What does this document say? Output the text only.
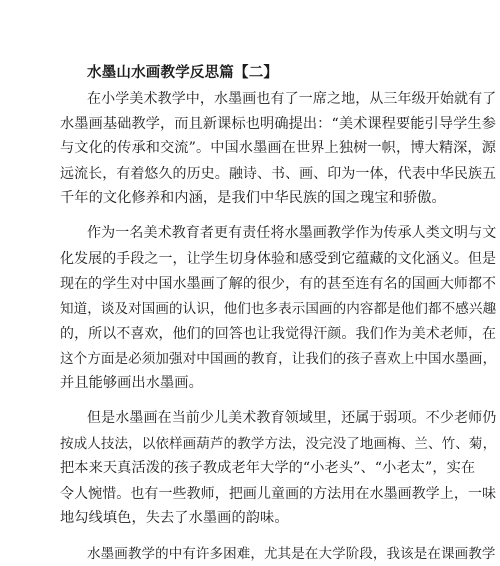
水墨山水画教学反思篇【二】
在小学美术教学中，水墨画也有了一席之地，从三年级开始就有了
水墨画基础教学，而且新课标也明确提出：“美术课程要能引导学生参
与文化的传承和交流”。中国水墨画在世界上独树一帜，博大精深，源
远流长，有着悠久的历史。融诗、书、画、印为一体，代表中华民族五
千年的文化修养和内涵，是我们中华民族的国之瑰宝和骄傲。
作为一名美术教育者更有责任将水墨画教学作为传承人类文明与文
化发展的手段之一，让学生切身体验和感受到它蕴藏的文化涵义。但是
现在的学生对中国水墨画了解的很少，有的甚至连有名的国画大师都不
知道，谈及对国画的认识，他们也多表示国画的内容都是他们都不感兴趣
的，所以不喜欢，他们的回答也让我觉得汗颜。我们作为美术老师，在
这个方面是必须加强对中国画的教育，让我们的孩子喜欢上中国水墨画，
并且能够画出水墨画。
但是水墨画在当前少儿美术教育领域里，还属于弱项。不少老师仍
按成人技法，以依样画葫芦的教学方法，没完没了地画梅、兰、竹、菊，
把本来天真活泼的孩子教成老年大学的“小老头”、“小老太”，实在
令人惋惜。也有一些教师，把画儿童画的方法用在水墨画教学上，一味
地勾线填色，失去了水墨画的韵味。
水墨画教学的中有许多困难，尤其是在大学阶段，我该是在课画教学
